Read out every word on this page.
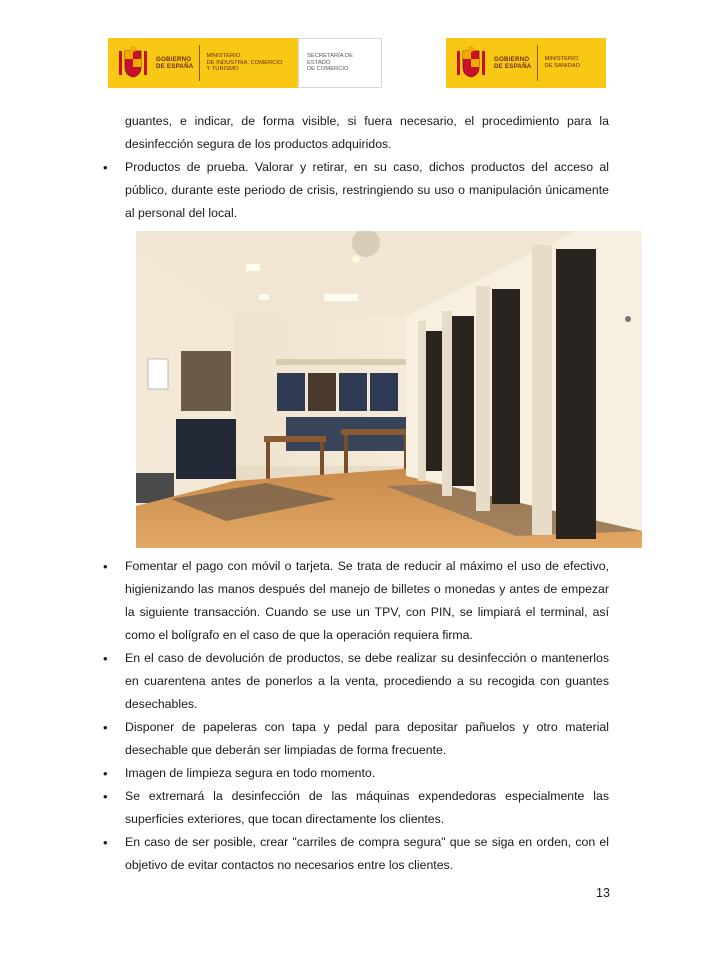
GOBIERNO
DE ESPAÑA
MINISTERIO
DE INDUSTRIA, COMERCIO
Y TURISMO
SECRETARÍA DE ESTADO
DE COMERCIO
GOBIERNO
DE ESPAÑA
MINISTERIO
DE SANIDAD
guantes, e indicar, de forma visible, si fuera necesario, el procedimiento para la desinfección segura de los productos adquiridos.
• Productos de prueba. Valorar y retirar, en su caso, dichos productos del acceso al público, durante este periodo de crisis, restringiendo su uso o manipulación únicamente al personal del local.
• Fomentar el pago con móvil o tarjeta. Se trata de reducir al máximo el uso de efectivo, higienizando las manos después del manejo de billetes o monedas y antes de empezar la siguiente transacción. Cuando se use un TPV, con PIN, se limpiará el terminal, así como el bolígrafo en el caso de que la operación requiera firma.
• En el caso de devolución de productos, se debe realizar su desinfección o mantenerlos en cuarentena antes de ponerlos a la venta, procediendo a su recogida con guantes desechables.
• Disponer de papeleras con tapa y pedal para depositar pañuelos y otro material desechable que deberán ser limpiadas de forma frecuente.
• Imagen de limpieza segura en todo momento.
• Se extremará la desinfección de las máquinas expendedoras especialmente las superficies exteriores, que tocan directamente los clientes.
• En caso de ser posible, crear "carriles de compra segura" que se siga en orden, con el objetivo de evitar contactos no necesarios entre los clientes.
13
